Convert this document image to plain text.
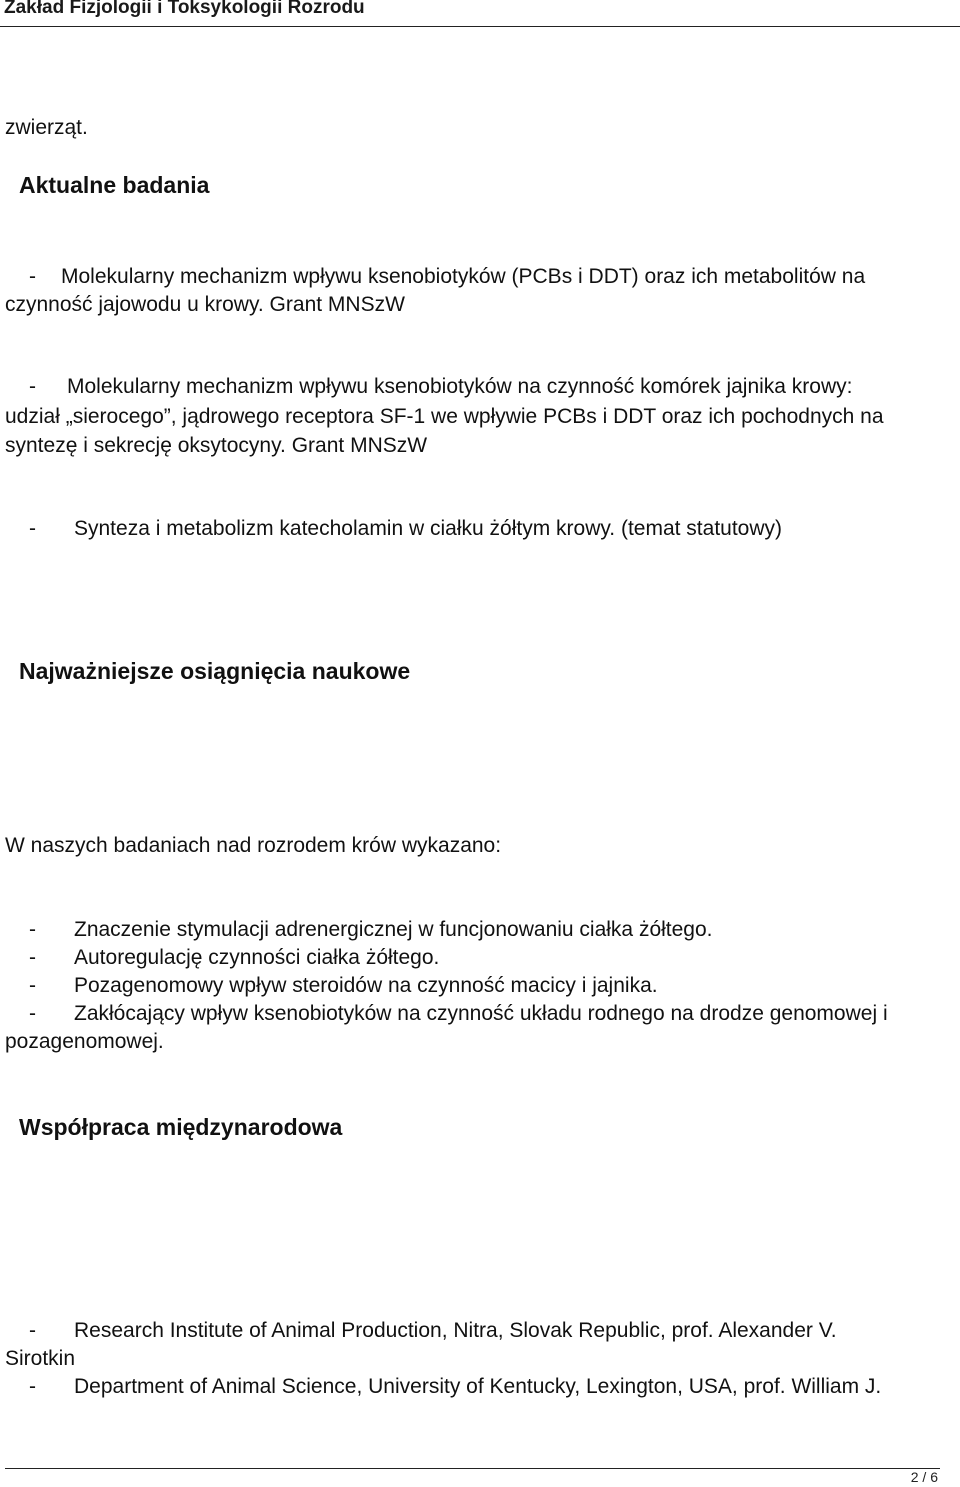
Zakład Fizjologii i Toksykologii Rozrodu
zwierząt.
Aktualne badania
- Molekularny mechanizm wpływu ksenobiotyków (PCBs i DDT) oraz ich metabolitów na
czynność jajowodu u krowy. Grant MNSzW
- Molekularny mechanizm wpływu ksenobiotyków na czynność komórek jajnika krowy:
udział „sierocego”, jądrowego receptora SF-1 we wpływie PCBs i DDT oraz ich pochodnych na
syntezę i sekrecję oksytocyny. Grant MNSzW
- Synteza i metabolizm katecholamin w ciałku żółtym krowy. (temat statutowy)
Najważniejsze osiągnięcia naukowe
W naszych badaniach nad rozrodem krów wykazano:
- Znaczenie stymulacji adrenergicznej w funcjonowaniu ciałka żółtego.
- Autoregulację czynności ciałka żółtego.
- Pozagenomowy wpływ steroidów na czynność macicy i jajnika.
- Zakłócający wpływ ksenobiotyków na czynność układu rodnego na drodze genomowej i
pozagenomowej.
Współpraca międzynarodowa
- Research Institute of Animal Production, Nitra, Slovak Republic, prof. Alexander V.
Sirotkin
- Department of Animal Science, University of Kentucky, Lexington, USA, prof. William J.
2 / 6
